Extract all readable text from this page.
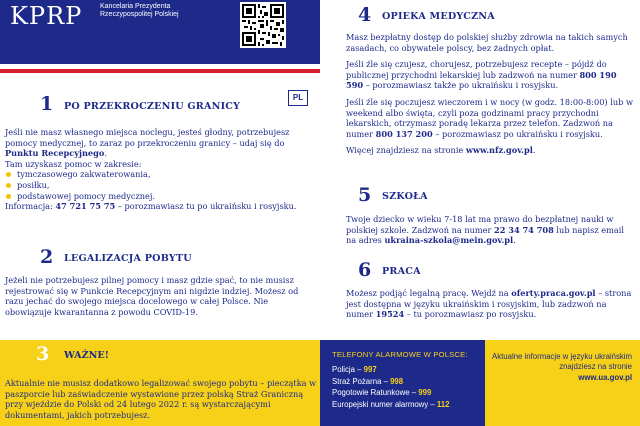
KPRP	Kancelaria Prezydenta Rzeczypospolitej Polskiej
PL
1 PO PRZEKROCZENIU GRANICY
Jeśli nie masz własnego miejsca noclegu, jesteś głodny, potrzebujesz pomocy medycznej, to zaraz po przekroczeniu granicy – udaj się do Punktu Recepcyjnego.
Tam uzyskasz pomoc w zakresie:
tymczasowego zakwaterowania,
posiłku,
podstawowej pomocy medycznej.
Informacja: 47 721 75 75 – porozmawiasz tu po ukraińsku i rosyjsku.
2 LEGALIZACJA POBYTU
Jeżeli nie potrzebujesz pilnej pomocy i masz gdzie spać, to nie musisz rejestrować się w Punkcie Recepcyjnym ani nigdzie indziej. Możesz od razu jechać do swojego miejsca docelowego w całej Polsce. Nie obowiązuje kwarantanna z powodu COVID-19.
3 WAŻNE!
Aktualnie nie musisz dodatkowo legalizować swojego pobytu – pieczątka w paszporcie lub zaświadczenie wystawione przez polską Straż Graniczną przy wjeździe do Polski od 24 lutego 2022 r. są wystarczającymi dokumentami, jakich potrzebujesz.
4 OPIEKA MEDYCZNA
Masz bezpłatny dostęp do polskiej służby zdrowia na takich samych zasadach, co obywatele polscy, bez żadnych opłat.
Jeśli źle się czujesz, chorujesz, potrzebujesz recepte – pójdź do publicznej przychodni lekarskiej lub zadzwoń na numer 800 190 590 – porozmawiasz także po ukraińsku i rosyjsku.
Jeśli źle się poczujesz wieczorem i w nocy (w godz. 18:00-8:00) lub w weekend albo święta, czyli poza godzinami pracy przychodni lekarskich, otrzymasz poradę lekarza przez telefon. Zadzwoń na numer 800 137 200 – porozmawiasz po ukraińsku i rosyjsku.
Więcej znajdziesz na stronie www.nfz.gov.pl.
5 SZKOŁA
Twoje dziecko w wieku 7-18 lat ma prawo do bezpłatnej nauki w polskiej szkole. Zadzwoń na numer 22 34 74 708 lub napisz email na adres ukraina-szkola@mein.gov.pl.
6 PRACA
Możesz podjąć legalną pracę. Wejdź na oferty.praca.gov.pl – strona jest dostępna w języku ukraińskim i rosyjskim, lub zadzwoń na numer 19524 – tu porozmawiasz po rosyjsku.
TELEFONY ALARMOWE W POLSCE:
Policja – 997
Straż Pożarna – 998
Pogotowie Ratunkowe – 999
Europejski numer alarmowy – 112
Aktualne informacje w języku ukraińskim znajdziesz na stronie
www.ua.gov.pl
